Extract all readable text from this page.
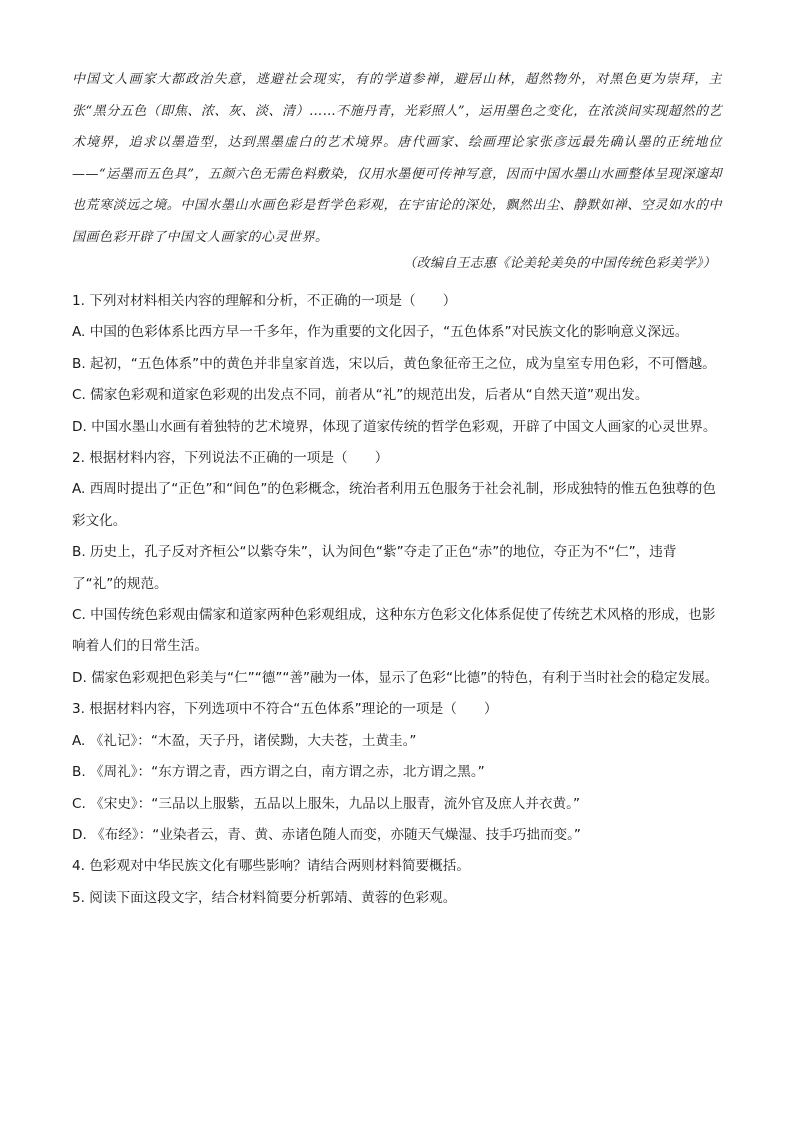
中国文人画家大都政治失意，逃避社会现实，有的学道参禅，避居山林，超然物外，对黑色更为崇拜，主张“黑分五色（即焦、浓、灰、淡、清）……不施丹青，光彩照人”，运用墨色之变化，在浓淡间实现超然的艺术境界，追求以墨造型，达到黑墨虚白的艺术境界。唐代画家、绘画理论家张彦远最先确认墨的正统地位——“运墨而五色具”，五颜六色无需色料敷染，仅用水墨便可传神写意，因而中国水墨山水画整体呈现深邃却也荒寒淡远之境。中国水墨山水画色彩是哲学色彩观，在宇宙论的深处，飘然出尘、静默如禅、空灵如水的中国画色彩开辟了中国文人画家的心灵世界。
（改编自王志惠《论美轮美奂的中国传统色彩美学》）
1. 下列对材料相关内容的理解和分析，不正确的一项是（　　）
A. 中国的色彩体系比西方早一千多年，作为重要的文化因子，“五色体系”对民族文化的影响意义深远。
B. 起初，“五色体系”中的黄色并非皇家首选，宋以后，黄色象征帝王之位，成为皇室专用色彩，不可僭越。
C. 儒家色彩观和道家色彩观的出发点不同，前者从“礼”的规范出发，后者从“自然天道”观出发。
D. 中国水墨山水画有着独特的艺术境界，体现了道家传统的哲学色彩观，开辟了中国文人画家的心灵世界。
2. 根据材料内容，下列说法不正确的一项是（　　）
A. 西周时提出了“正色”和“间色”的色彩概念，统治者利用五色服务于社会礼制，形成独特的惟五色独尊的色彩文化。
B. 历史上，孔子反对齐桓公“以紫夺朱”，认为间色“紫”夺走了正色“赤”的地位，夺正为不“仁”，违背了“礼”的规范。
C. 中国传统色彩观由儒家和道家两种色彩观组成，这种东方色彩文化体系促使了传统艺术风格的形成，也影响着人们的日常生活。
D. 儒家色彩观把色彩美与“仁”“德”“善”融为一体，显示了色彩“比德”的特色，有利于当时社会的稳定发展。
3. 根据材料内容，下列选项中不符合“五色体系”理论的一项是（　　）
A. 《礼记》：“木盈，天子丹，诸侯黝，大夫苍，土黄圭。”
B. 《周礼》：“东方谓之青，西方谓之白，南方谓之赤，北方谓之黑。”
C. 《宋史》：“三品以上服紫，五品以上服朱，九品以上服青，流外官及庶人并衣黄。”
D. 《布经》：“业染者云，青、黄、赤诸色随人而变，亦随天气燥湿、技手巧拙而变。”
4. 色彩观对中华民族文化有哪些影响？请结合两则材料简要概括。
5. 阅读下面这段文字，结合材料简要分析郭靖、黄蓉的色彩观。
